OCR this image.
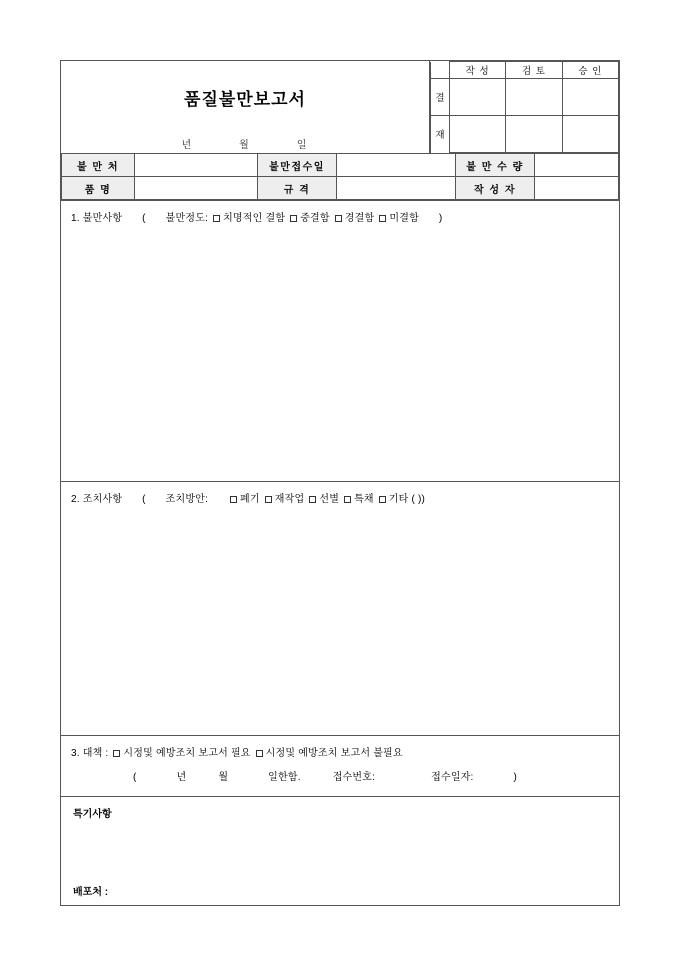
품질불만보고서
년	월	일
	작 성	검 토	승 인
결			
재			
불 만 처		불만접수일		불 만 수 량	
품 명		규 격		작 성 자	
1. 불만사항 ( 불만정도: 치명적인 결함 중결함 경결함 미결함 )
2. 조치사항 ( 조치방안:	폐기 재작업 선별 특채 기타 ( ))
3. 대책 : 시정및 예방조치 보고서 필요 시정및 예방조치 보고서 불필요
(	년	월	일한함.	접수번호:	접수일자:	)
특기사항
배포처 :
